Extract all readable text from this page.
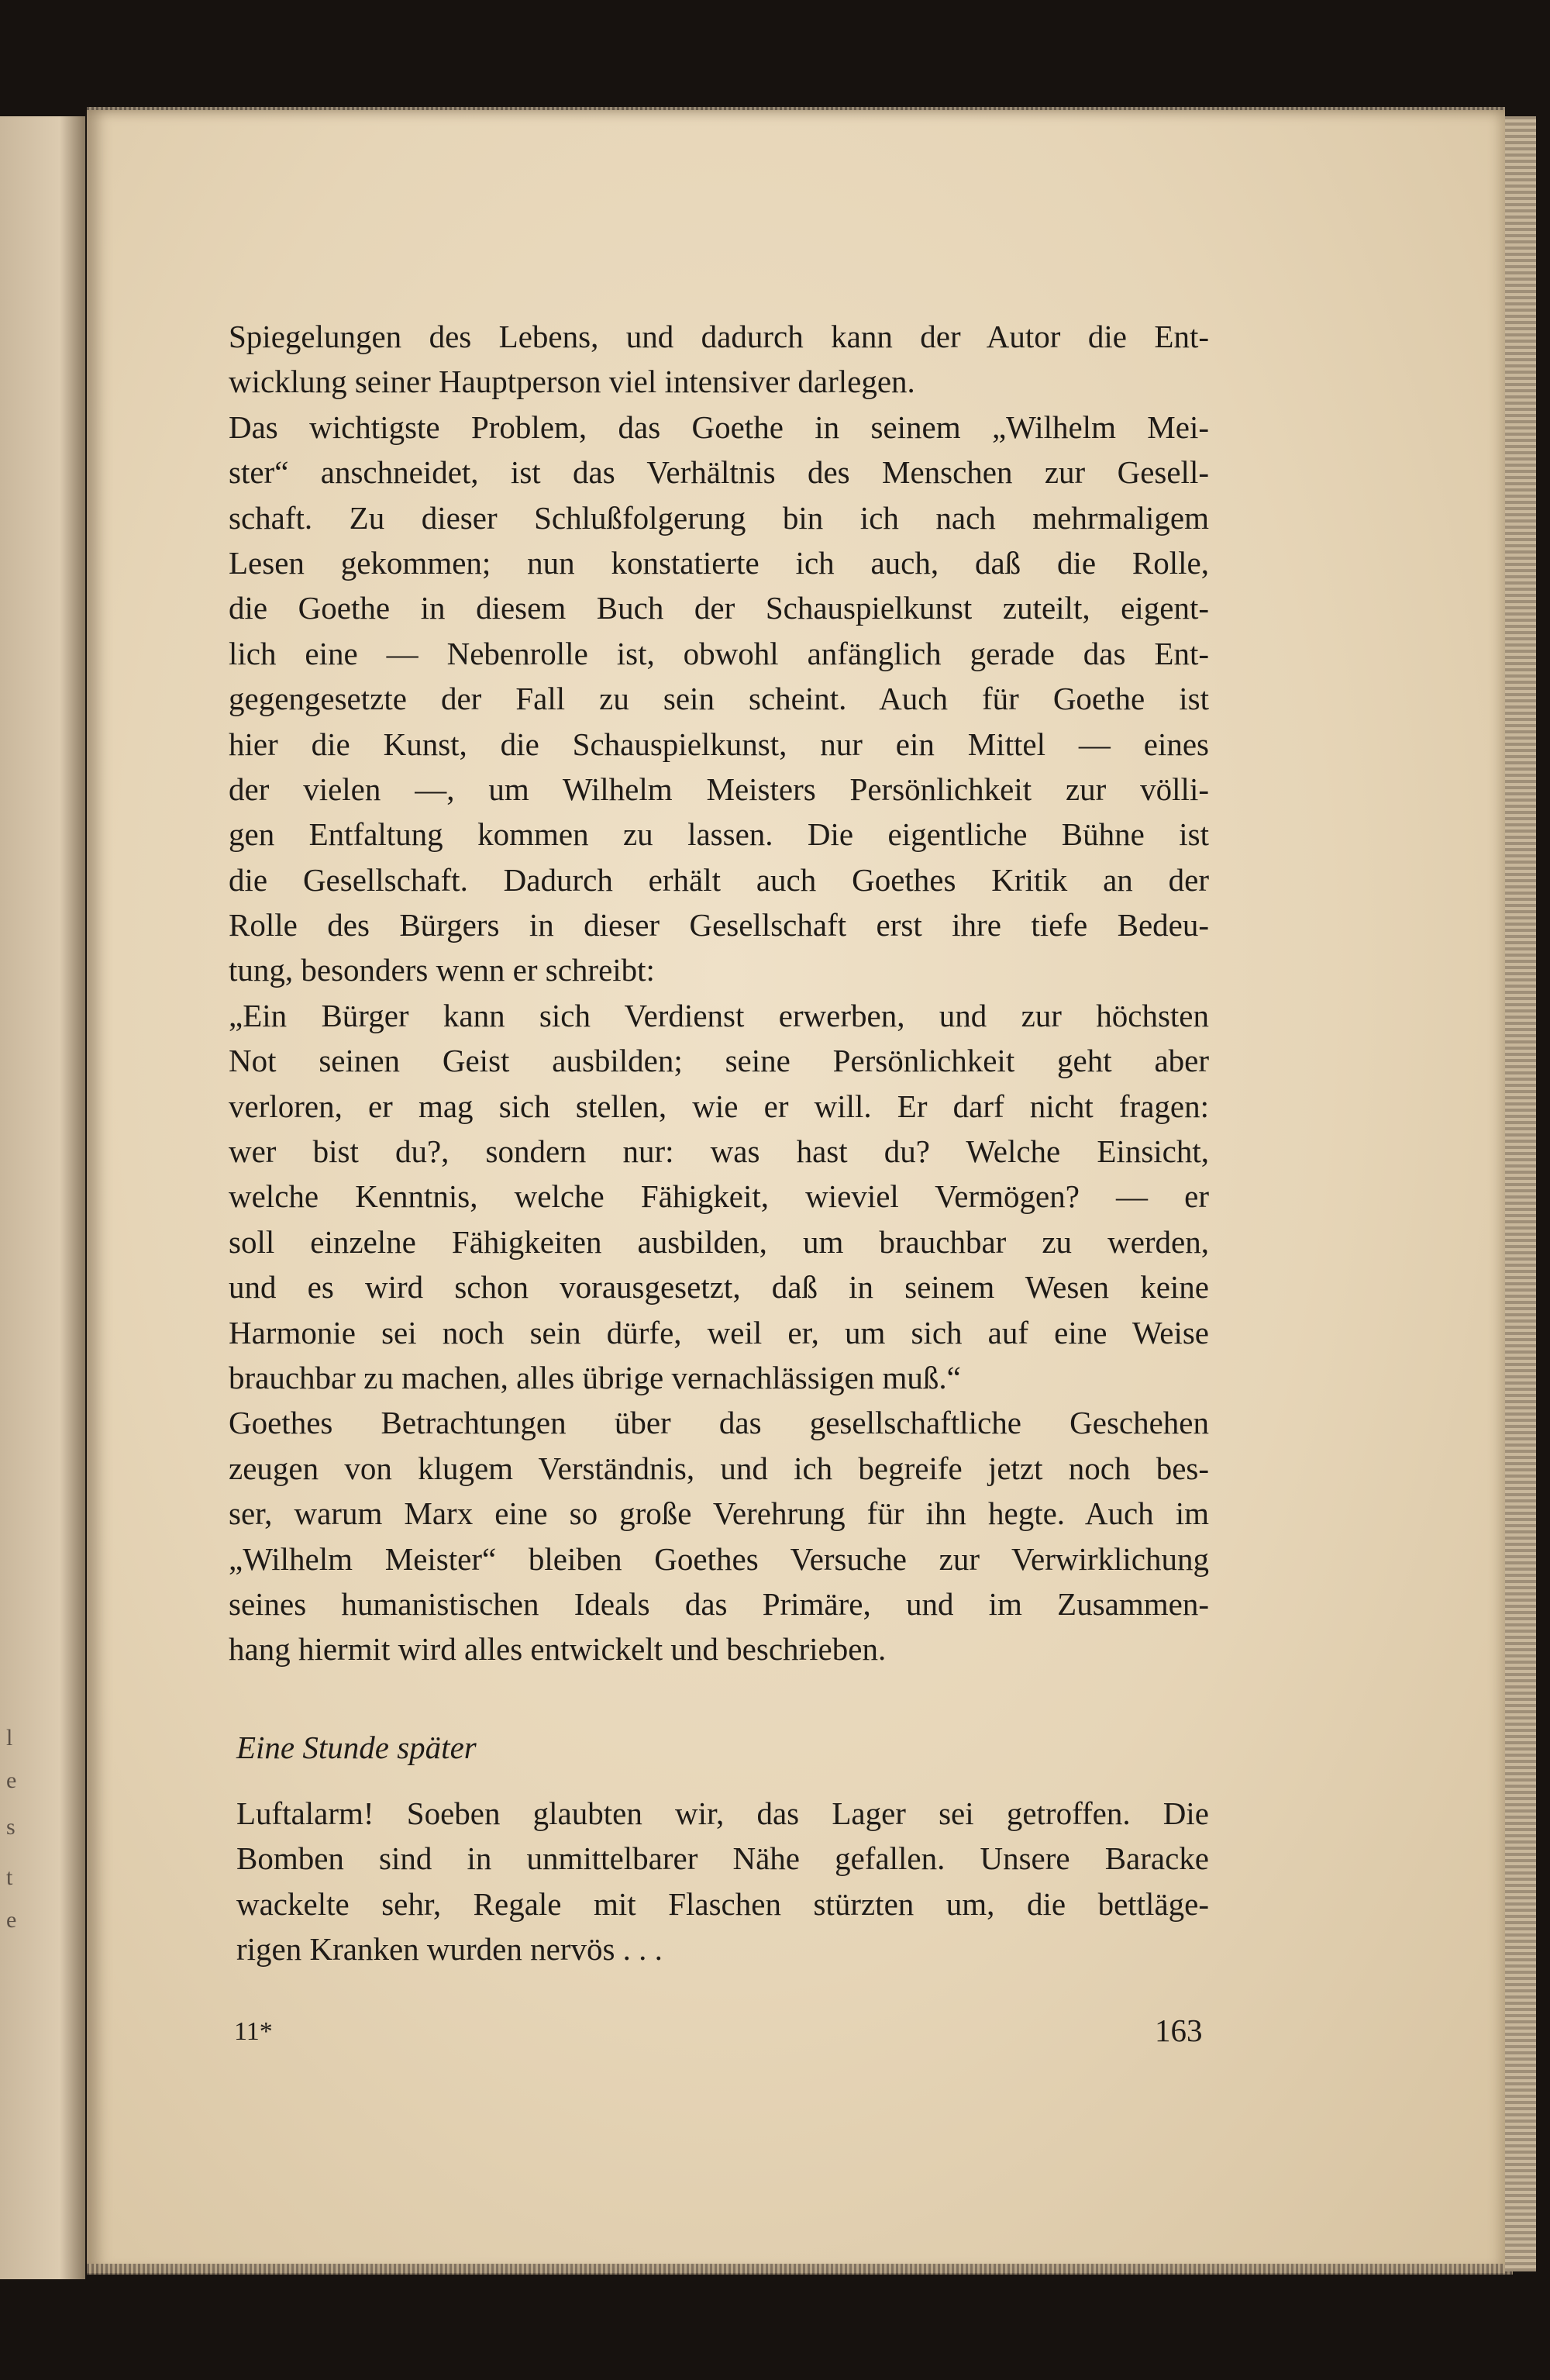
l
e
s
t
e
Spiegelungen des Lebens, und dadurch kann der Autor die Ent-
wicklung seiner Hauptperson viel intensiver darlegen.
Das wichtigste Problem, das Goethe in seinem „Wilhelm Mei-
ster“ anschneidet, ist das Verhältnis des Menschen zur Gesell-
schaft. Zu dieser Schlußfolgerung bin ich nach mehrmaligem
Lesen gekommen; nun konstatierte ich auch, daß die Rolle,
die Goethe in diesem Buch der Schauspielkunst zuteilt, eigent-
lich eine — Nebenrolle ist, obwohl anfänglich gerade das Ent-
gegengesetzte der Fall zu sein scheint. Auch für Goethe ist
hier die Kunst, die Schauspielkunst, nur ein Mittel — eines
der vielen —, um Wilhelm Meisters Persönlichkeit zur völli-
gen Entfaltung kommen zu lassen. Die eigentliche Bühne ist
die Gesellschaft. Dadurch erhält auch Goethes Kritik an der
Rolle des Bürgers in dieser Gesellschaft erst ihre tiefe Bedeu-
tung, besonders wenn er schreibt:
„Ein Bürger kann sich Verdienst erwerben, und zur höchsten
Not seinen Geist ausbilden; seine Persönlichkeit geht aber
verloren, er mag sich stellen, wie er will. Er darf nicht fragen:
wer bist du?, sondern nur: was hast du? Welche Einsicht,
welche Kenntnis, welche Fähigkeit, wieviel Vermögen? — er
soll einzelne Fähigkeiten ausbilden, um brauchbar zu werden,
und es wird schon vorausgesetzt, daß in seinem Wesen keine
Harmonie sei noch sein dürfe, weil er, um sich auf eine Weise
brauchbar zu machen, alles übrige vernachlässigen muß.“
Goethes Betrachtungen über das gesellschaftliche Geschehen
zeugen von klugem Verständnis, und ich begreife jetzt noch bes-
ser, warum Marx eine so große Verehrung für ihn hegte. Auch im
„Wilhelm Meister“ bleiben Goethes Versuche zur Verwirklichung
seines humanistischen Ideals das Primäre, und im Zusammen-
hang hiermit wird alles entwickelt und beschrieben.
Eine Stunde später
Luftalarm! Soeben glaubten wir, das Lager sei getroffen. Die
Bomben sind in unmittelbarer Nähe gefallen. Unsere Baracke
wackelte sehr, Regale mit Flaschen stürzten um, die bettläge-
rigen Kranken wurden nervös . . .
11*	163
